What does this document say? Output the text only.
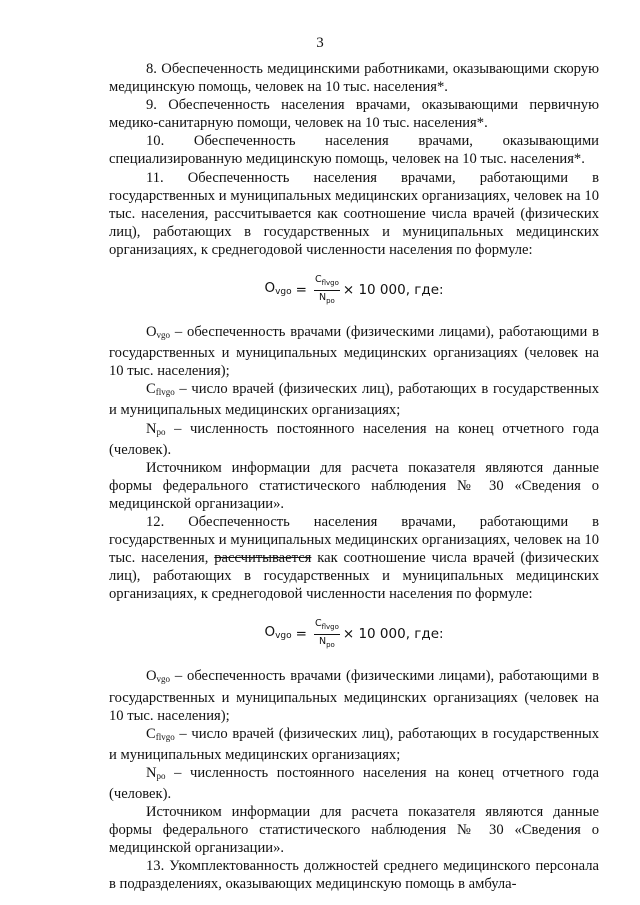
3

8. Обеспеченность медицинскими работниками, оказывающими скорую медицинскую помощь, человек на 10 тыс. населения*.

9. Обеспеченность населения врачами, оказывающими первичную медико-санитарную помощи, человек на 10 тыс. населения*.

10. Обеспеченность населения врачами, оказывающими специализированную медицинскую помощь, человек на 10 тыс. населения*.

11. Обеспеченность населения врачами, работающими в государственных и муниципальных медицинских организациях, человек на 10 тыс. населения, рассчитывается как соотношение числа врачей (физических лиц), работающих в государственных и муниципальных медицинских организациях, к среднегодовой численности населения по формуле:

$O_{vgo} = \frac{C_{flvgo}}{N_{po}} \times 10$ 000, где:

$O_{vgo}$ – обеспеченность врачами (физическими лицами), работающими в государственных и муниципальных медицинских организациях (человек на 10 тыс. населения);

$C_{flvgo}$ – число врачей (физических лиц), работающих в государственных и муниципальных медицинских организациях;

$N_{po}$ – численность постоянного населения на конец отчетного года (человек).

Источником информации для расчета показателя являются данные формы федерального статистического наблюдения № 30 «Сведения о медицинской организации».

12. Обеспеченность населения врачами, работающими в государственных и муниципальных медицинских организациях, человек на 10 тыс. населения, рассчитывается как соотношение числа врачей (физических лиц), работающих в государственных и муниципальных медицинских организациях, к среднегодовой численности населения по формуле:

$O_{vgo} = \frac{C_{flvgo}}{N_{po}} \times 10$ 000, где:

$O_{vgo}$ – обеспеченность врачами (физическими лицами), работающими в государственных и муниципальных медицинских организациях (человек на 10 тыс. населения);

$C_{flvgo}$ – число врачей (физических лиц), работающих в государственных и муниципальных медицинских организациях;

$N_{po}$ – численность постоянного населения на конец отчетного года (человек).

Источником информации для расчета показателя являются данные формы федерального статистического наблюдения № 30 «Сведения о медицинской организации».

13. Укомплектованность должностей среднего медицинского персонала в подразделениях, оказывающих медицинскую помощь в амбула-
